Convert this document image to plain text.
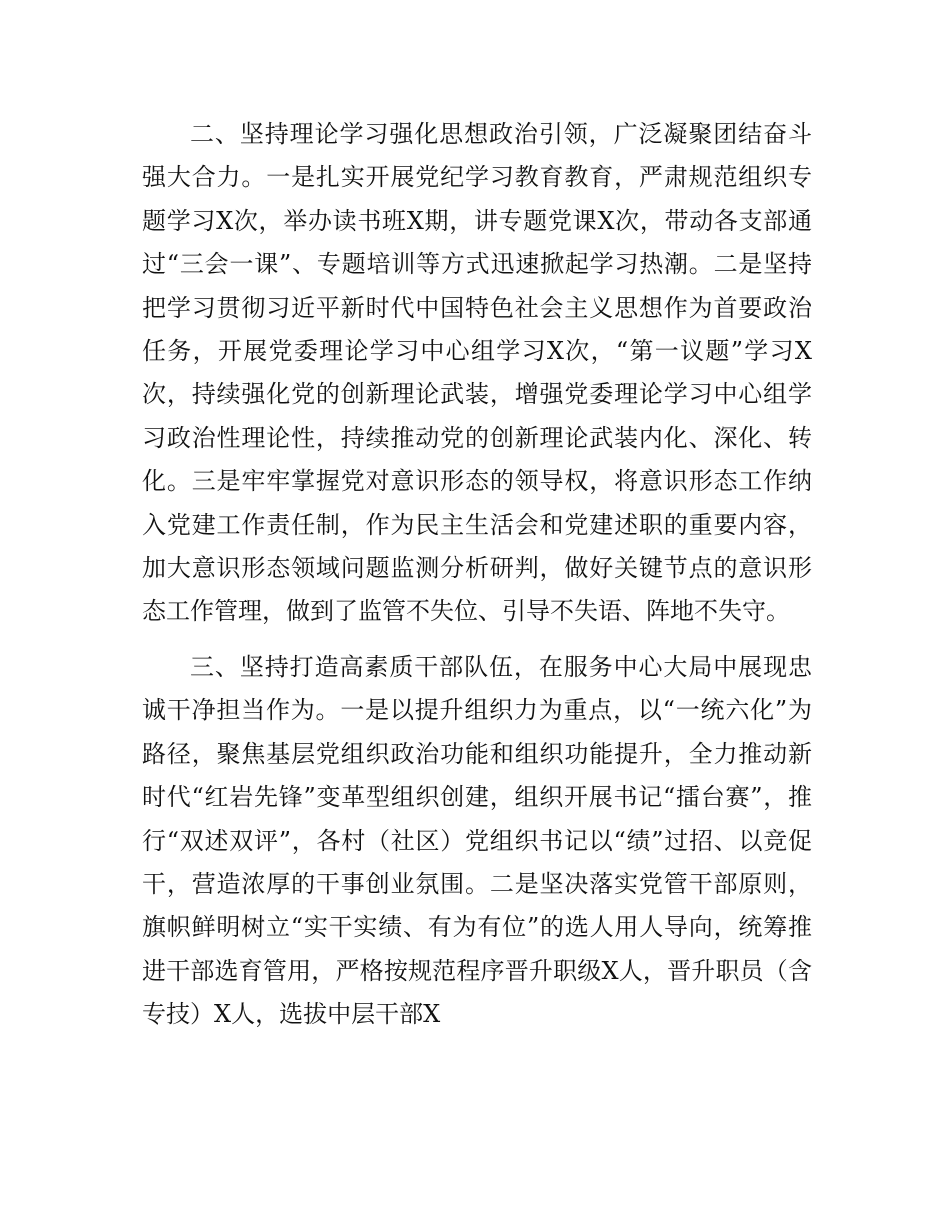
二、坚持理论学习强化思想政治引领，广泛凝聚团结奋斗强大合力。一是扎实开展党纪学习教育教育，严肃规范组织专题学习X次，举办读书班X期，讲专题党课X次，带动各支部通过“三会一课”、专题培训等方式迅速掀起学习热潮。二是坚持把学习贯彻习近平新时代中国特色社会主义思想作为首要政治任务，开展党委理论学习中心组学习X次，“第一议题”学习X次，持续强化党的创新理论武装，增强党委理论学习中心组学习政治性理论性，持续推动党的创新理论武装内化、深化、转化。三是牢牢掌握党对意识形态的领导权，将意识形态工作纳入党建工作责任制，作为民主生活会和党建述职的重要内容，加大意识形态领域问题监测分析研判，做好关键节点的意识形态工作管理，做到了监管不失位、引导不失语、阵地不失守。

三、坚持打造高素质干部队伍，在服务中心大局中展现忠诚干净担当作为。一是以提升组织力为重点，以“一统六化”为路径，聚焦基层党组织政治功能和组织功能提升，全力推动新时代“红岩先锋”变革型组织创建，组织开展书记“擂台赛”，推行“双述双评”，各村（社区）党组织书记以“绩”过招、以竞促干，营造浓厚的干事创业氛围。二是坚决落实党管干部原则，旗帜鲜明树立“实干实绩、有为有位”的选人用人导向，统筹推进干部选育管用，严格按规范程序晋升职级X人，晋升职员（含专技）X人，选拔中层干部X
